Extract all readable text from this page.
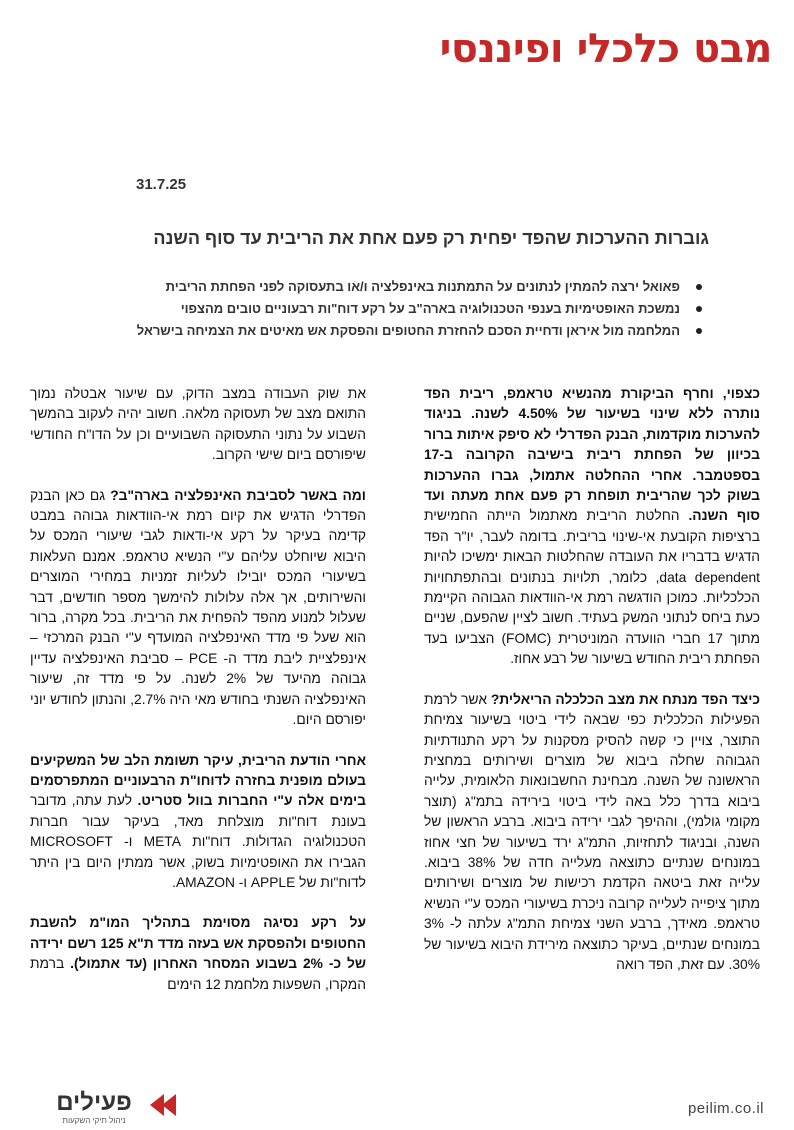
מבט כלכלי ופיננסי
31.7.25
גוברות ההערכות שהפד יפחית רק פעם אחת את הריבית עד סוף השנה
פאואל ירצה להמתין לנתונים על התמתנות באינפלציה ו/או בתעסוקה לפני הפחתת הריבית
נמשכת האופטימיות בענפי הטכנולוגיה בארה"ב על רקע דוח"ות רבעוניים טובים מהצפוי
המלחמה מול איראן ודחיית הסכם להחזרת החטופים והפסקת אש מאיטים את הצמיחה בישראל

כצפוי, וחרף הביקורת מהנשיא טראמפ, ריבית הפד נותרה ללא שינוי בשיעור של 4.50% לשנה. בניגוד להערכות מוקדמות, הבנק הפדרלי לא סיפק איתות ברור בכיוון של הפחתת ריבית בישיבה הקרובה ב-17 בספטמבר. אחרי ההחלטה אתמול, גברו ההערכות בשוק לכך שהריבית תופחת רק פעם אחת מעתה ועד סוף השנה. החלטת הריבית מאתמול הייתה החמישית ברציפות הקובעת אי-שינוי בריבית. בדומה לעבר, יו"ר הפד הדגיש בדבריו את העובדה שהחלטות הבאות ימשיכו להיות data dependent, כלומר, תלויות בנתונים ובהתפתחויות הכלכליות. כמוכן הודגשה רמת אי-הוודאות הגבוהה הקיימת כעת ביחס לנתוני המשק בעתיד. חשוב לציין שהפעם, שניים מתוך 17 חברי הוועדה המוניטרית (FOMC) הצביעו בעד הפחתת ריבית החודש בשיעור של רבע אחוז.

כיצד הפד מנתח את מצב הכלכלה הריאלית? אשר לרמת הפעילות הכלכלית כפי שבאה לידי ביטוי בשיעור צמיחת התוצר, צויין כי קשה להסיק מסקנות על רקע התנודתיות הגבוהה שחלה ביבוא של מוצרים ושירותים במחצית הראשונה של השנה. מבחינת החשבונאות הלאומית, עלייה ביבוא בדרך כלל באה לידי ביטוי בירידה בתמ"ג (תוצר מקומי גולמי), וההיפך לגבי ירידה ביבוא. ברבע הראשון של השנה, ובניגוד לתחזיות, התמ"ג ירד בשיעור של חצי אחוז במונחים שנתיים כתוצאה מעלייה חדה של 38% ביבוא. עלייה זאת ביטאה הקדמת רכישות של מוצרים ושירותים מתוך ציפייה לעלייה קרובה ניכרת בשיעורי המכס ע"י הנשיא טראמפ. מאידך, ברבע השני צמיחת התמ"ג עלתה ל- 3% במונחים שנתיים, בעיקר כתוצאה מירידת היבוא בשיעור של 30%. עם זאת, הפד רואה

את שוק העבודה במצב הדוק, עם שיעור אבטלה נמוך התואם מצב של תעסוקה מלאה. חשוב יהיה לעקוב בהמשך השבוע על נתוני התעסוקה השבועיים וכן על הדו"ח החודשי שיפורסם ביום שישי הקרוב.

ומה באשר לסביבת האינפלציה בארה"ב? גם כאן הבנק הפדרלי הדגיש את קיום רמת אי-הוודאות גבוהה במבט קדימה בעיקר על רקע אי-ודאות לגבי שיעורי המכס על היבוא שיוחלט עליהם ע"י הנשיא טראמפ. אמנם העלאות בשיעורי המכס יובילו לעליות זמניות במחירי המוצרים והשירותים, אך אלה עלולות להימשך מספר חודשים, דבר שעלול למנוע מהפד להפחית את הריבית. בכל מקרה, ברור הוא שעל פי מדד האינפלציה המועדף ע"י הבנק המרכזי – אינפלציית ליבת מדד ה- PCE – סביבת האינפלציה עדיין גבוהה מהיעד של 2% לשנה. על פי מדד זה, שיעור האינפלציה השנתי בחודש מאי היה 2.7%, והנתון לחודש יוני יפורסם היום.

אחרי הודעת הריבית, עיקר תשומת הלב של המשקיעים בעולם מופנית בחזרה לדוחו"ת הרבעוניים המתפרסמים בימים אלה ע"י החברות בוול סטריט. לעת עתה, מדובר בעונת דוח"ות מוצלחת מאד, בעיקר עבור חברות הטכנולוגיה הגדולות. דוח"ות META ו- MICROSOFT הגבירו את האופטימיות בשוק, אשר ממתין היום בין היתר לדוח"ות של APPLE ו- AMAZON.

על רקע נסיגה מסוימת בתהליך המו"מ להשבת החטופים ולהפסקת אש בעזה מדד ת"א 125 רשם ירידה של כ- 2% בשבוע המסחר האחרון (עד אתמול). ברמת המקרו, השפעות מלחמת 12 הימים

פעילים
ניהול תיקי השקעות
peilim.co.il
